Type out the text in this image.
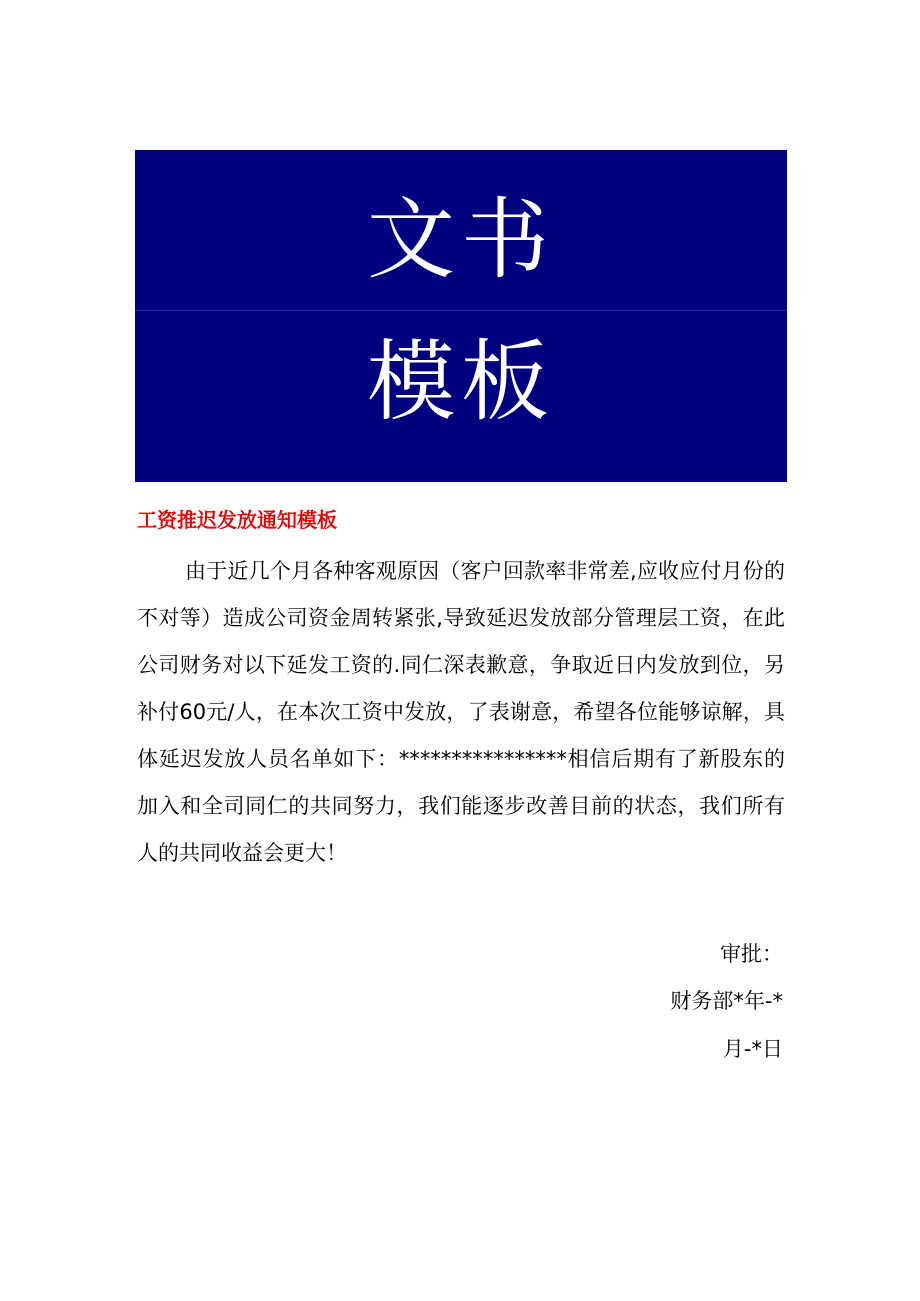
文书
模板
工资推迟发放通知模板

由于近几个月各种客观原因（客户回款率非常差,应收应付月份的不对等）造成公司资金周转紧张,导致延迟发放部分管理层工资，在此公司财务对以下延发工资的.同仁深表歉意，争取近日内发放到位，另补付60元/人，在本次工资中发放，了表谢意，希望各位能够谅解，具体延迟发放人员名单如下：****************相信后期有了新股东的加入和全司同仁的共同努力，我们能逐步改善目前的状态，我们所有人的共同收益会更大！

审批：
财务部*年-*
月-*日
